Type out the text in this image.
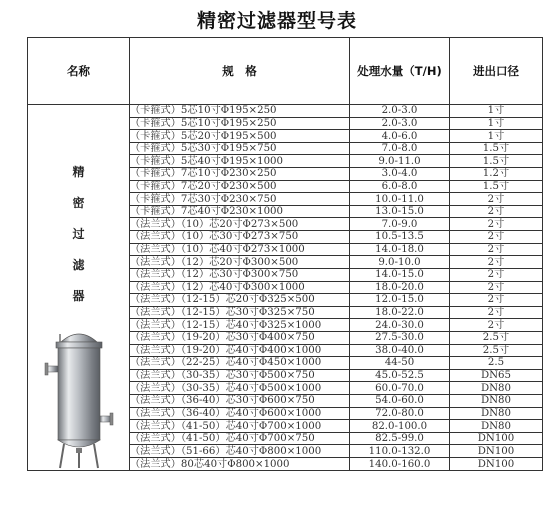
精密过滤器型号表
名称	规　格	处理水量（T/H)	进出口径

精
密
过
滤
器	（卡箍式）5芯10寸Φ195×250	2.0-3.0	1寸
	（卡箍式）5芯10寸Φ195×250	2.0-3.0	1寸
	（卡箍式）5芯20寸Φ195×500	4.0-6.0	1寸
	（卡箍式）5芯30寸Φ195×750	7.0-8.0	1.5寸
	（卡箍式）5芯40寸Φ195×1000	9.0-11.0	1.5寸
	（卡箍式）7芯10寸Φ230×250	3.0-4.0	1.2寸
	（卡箍式）7芯20寸Φ230×500	6.0-8.0	1.5寸
	（卡箍式）7芯30寸Φ230×750	10.0-11.0	2寸
	（卡箍式）7芯40寸Φ230×1000	13.0-15.0	2寸
	（法兰式）（10）芯20寸Φ273×500	7.0-9.0	2寸
	（法兰式）（10）芯30寸Φ273×750	10.5-13.5	2寸
	（法兰式）（10）芯40寸Φ273×1000	14.0-18.0	2寸
	（法兰式）（12）芯20寸Φ300×500	9.0-10.0	2寸
	（法兰式）（12）芯30寸Φ300×750	14.0-15.0	2寸
	（法兰式）（12）芯40寸Φ300×1000	18.0-20.0	2寸
	（法兰式）（12-15）芯20寸Φ325×500	12.0-15.0	2寸
	（法兰式）（12-15）芯30寸Φ325×750	18.0-22.0	2寸
	（法兰式）（12-15）芯40寸Φ325×1000	24.0-30.0	2寸
	（法兰式）（19-20）芯30寸Φ400×750	27.5-30.0	2.5寸
	（法兰式）（19-20）芯40寸Φ400×1000	38.0-40.0	2.5寸
	（法兰式）（22-25）芯40寸Φ450×1000	44-50	2.5
	（法兰式）（30-35）芯30寸Φ500×750	45.0-52.5	DN65
	（法兰式）（30-35）芯40寸Φ500×1000	60.0-70.0	DN80
	（法兰式）（36-40）芯30寸Φ600×750	54.0-60.0	DN80
	（法兰式）（36-40）芯40寸Φ600×1000	72.0-80.0	DN80
	（法兰式）（41-50）芯40寸Φ700×1000	82.0-100.0	DN80
	（法兰式）（41-50）芯40寸Φ700×750	82.5-99.0	DN100
	（法兰式）（51-66）芯40寸Φ800×1000	110.0-132.0	DN100
	（法兰式）80芯40寸Φ800×1000	140.0-160.0	DN100
